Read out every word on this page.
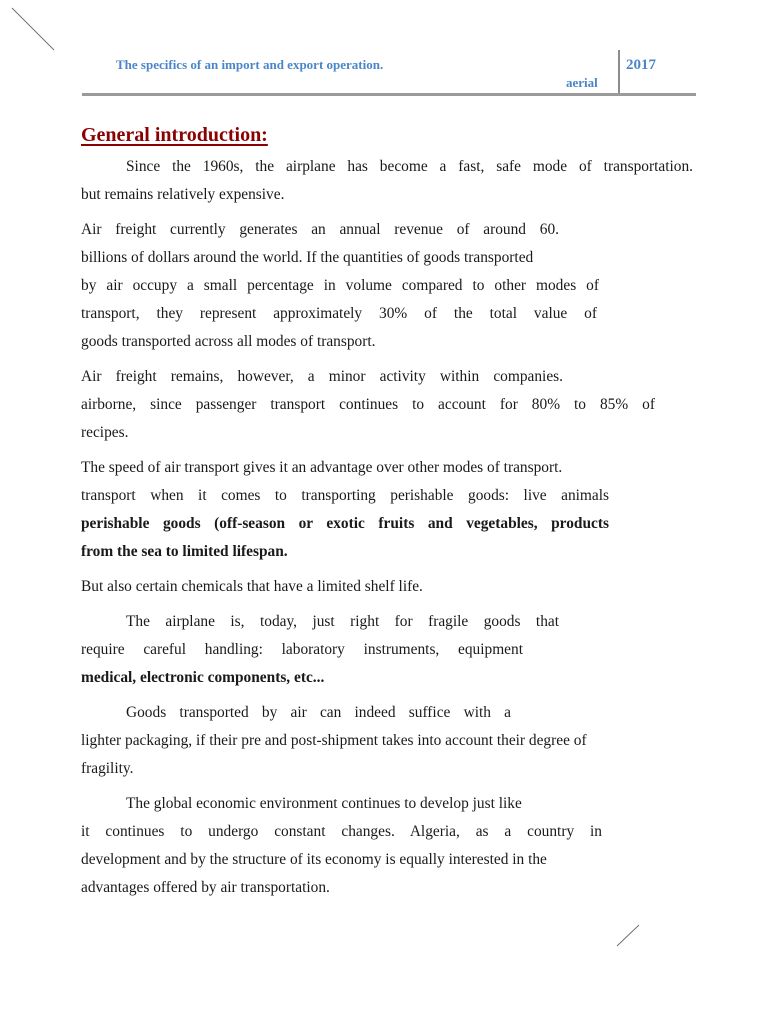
The specifics of an import and export operation.
aerial
2017
General introduction:
Since the 1960s, the airplane has become a fast, safe mode of transportation.
but remains relatively expensive.
Air freight currently generates an annual revenue of around 60.
billions of dollars around the world. If the quantities of goods transported
by air occupy a small percentage in volume compared to other modes of
transport, they represent approximately 30% of the total value of
goods transported across all modes of transport.
Air freight remains, however, a minor activity within companies.
airborne, since passenger transport continues to account for 80% to 85% of
recipes.
The speed of air transport gives it an advantage over other modes of transport.
transport when it comes to transporting perishable goods: live animals
perishable goods (off-season or exotic fruits and vegetables, products
from the sea to limited lifespan.
But also certain chemicals that have a limited shelf life.
The airplane is, today, just right for fragile goods that
require careful handling: laboratory instruments, equipment
medical, electronic components, etc...
Goods transported by air can indeed suffice with a
lighter packaging, if their pre and post-shipment takes into account their degree of
fragility.
The global economic environment continues to develop just like
it continues to undergo constant changes. Algeria, as a country in
development and by the structure of its economy is equally interested in the
advantages offered by air transportation.
